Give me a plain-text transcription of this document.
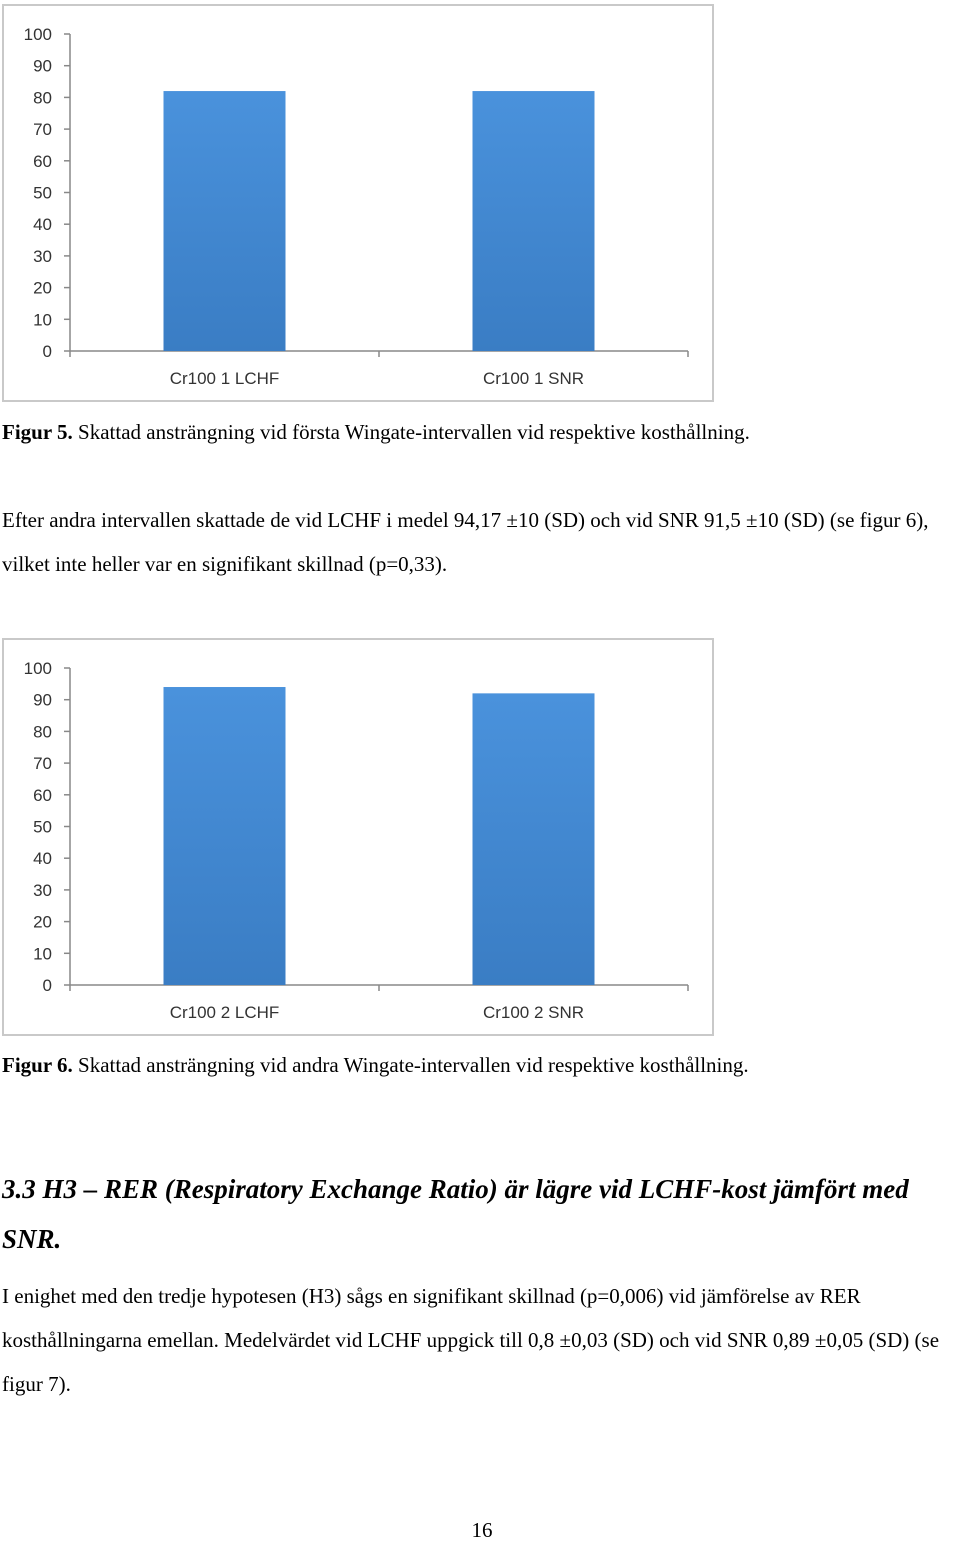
0
10
20
30
40
50
60
70
80
90
100
Cr100 1 LCHF	Cr100 1 SNR
Figur 5. Skattad ansträngning vid första Wingate-intervallen vid respektive kosthållning.

Efter andra intervallen skattade de vid LCHF i medel 94,17 ±10 (SD) och vid SNR 91,5 ±10 (SD) (se figur 6), vilket inte heller var en signifikant skillnad (p=0,33).

0
10
20
30
40
50
60
70
80
90
100
Cr100 2 LCHF	Cr100 2 SNR
Figur 6. Skattad ansträngning vid andra Wingate-intervallen vid respektive kosthållning.

3.3 H3 – RER (Respiratory Exchange Ratio) är lägre vid LCHF-kost jämfört med SNR.

I enighet med den tredje hypotesen (H3) sågs en signifikant skillnad (p=0,006) vid jämförelse av RER kosthållningarna emellan. Medelvärdet vid LCHF uppgick till 0,8 ±0,03 (SD) och vid SNR 0,89 ±0,05 (SD) (se figur 7).

16
